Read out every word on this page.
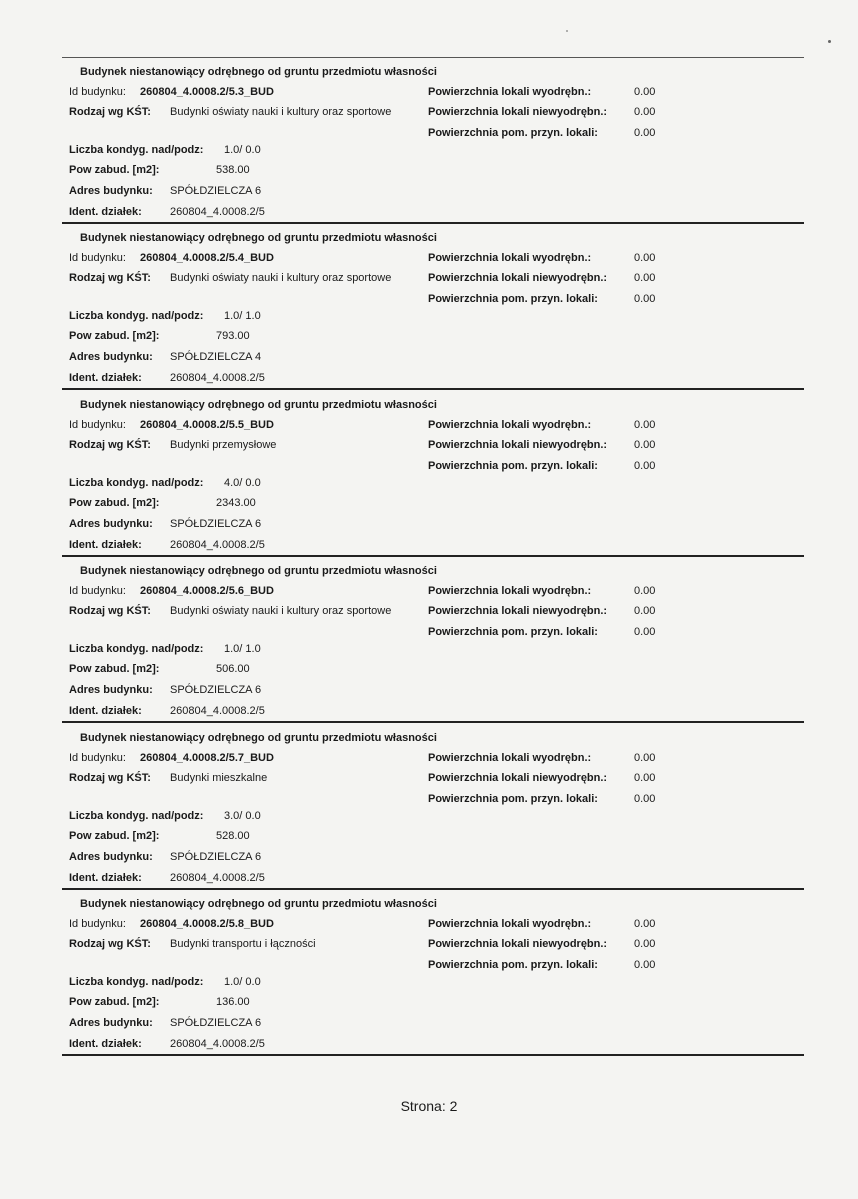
Budynek niestanowiący odrębnego od gruntu przedmiotu własności
Id budynku: 260804_4.0008.2/5.3_BUD
Rodzaj wg KŚT: Budynki oświaty nauki i kultury oraz sportowe
Liczba kondyg. nad/podz: 1.0/ 0.0
Pow zabud. [m2]:	538.00
Adres budynku: SPÓŁDZIELCZA 6
Ident. działek:	260804_4.0008.2/5
Powierzchnia lokali wyodrębn.:	0.00
Powierzchnia lokali niewyodrębn.: 0.00
Powierzchnia pom. przyn. lokali:	0.00
Budynek niestanowiący odrębnego od gruntu przedmiotu własności
Id budynku: 260804_4.0008.2/5.4_BUD
Rodzaj wg KŚT: Budynki oświaty nauki i kultury oraz sportowe
Liczba kondyg. nad/podz: 1.0/ 1.0
Pow zabud. [m2]:	793.00
Adres budynku: SPÓŁDZIELCZA 4
Ident. działek:	260804_4.0008.2/5
Powierzchnia lokali wyodrębn.:	0.00
Powierzchnia lokali niewyodrębn.: 0.00
Powierzchnia pom. przyn. lokali:	0.00
Budynek niestanowiący odrębnego od gruntu przedmiotu własności
Id budynku: 260804_4.0008.2/5.5_BUD
Rodzaj wg KŚT: Budynki przemysłowe
Liczba kondyg. nad/podz: 4.0/ 0.0
Pow zabud. [m2]:	2343.00
Adres budynku: SPÓŁDZIELCZA 6
Ident. działek:	260804_4.0008.2/5
Powierzchnia lokali wyodrębn.:	0.00
Powierzchnia lokali niewyodrębn.: 0.00
Powierzchnia pom. przyn. lokali:	0.00
Budynek niestanowiący odrębnego od gruntu przedmiotu własności
Id budynku: 260804_4.0008.2/5.6_BUD
Rodzaj wg KŚT: Budynki oświaty nauki i kultury oraz sportowe
Liczba kondyg. nad/podz: 1.0/ 1.0
Pow zabud. [m2]:	506.00
Adres budynku: SPÓŁDZIELCZA 6
Ident. działek:	260804_4.0008.2/5
Powierzchnia lokali wyodrębn.:	0.00
Powierzchnia lokali niewyodrębn.: 0.00
Powierzchnia pom. przyn. lokali:	0.00
Budynek niestanowiący odrębnego od gruntu przedmiotu własności
Id budynku: 260804_4.0008.2/5.7_BUD
Rodzaj wg KŚT: Budynki mieszkalne
Liczba kondyg. nad/podz: 3.0/ 0.0
Pow zabud. [m2]:	528.00
Adres budynku: SPÓŁDZIELCZA 6
Ident. działek:	260804_4.0008.2/5
Powierzchnia lokali wyodrębn.:	0.00
Powierzchnia lokali niewyodrębn.: 0.00
Powierzchnia pom. przyn. lokali:	0.00
Budynek niestanowiący odrębnego od gruntu przedmiotu własności
Id budynku: 260804_4.0008.2/5.8_BUD
Rodzaj wg KŚT: Budynki transportu i łączności
Liczba kondyg. nad/podz: 1.0/ 0.0
Pow zabud. [m2]:	136.00
Adres budynku: SPÓŁDZIELCZA 6
Ident. działek:	260804_4.0008.2/5
Powierzchnia lokali wyodrębn.:	0.00
Powierzchnia lokali niewyodrębn.: 0.00
Powierzchnia pom. przyn. lokali:	0.00
Strona: 2
